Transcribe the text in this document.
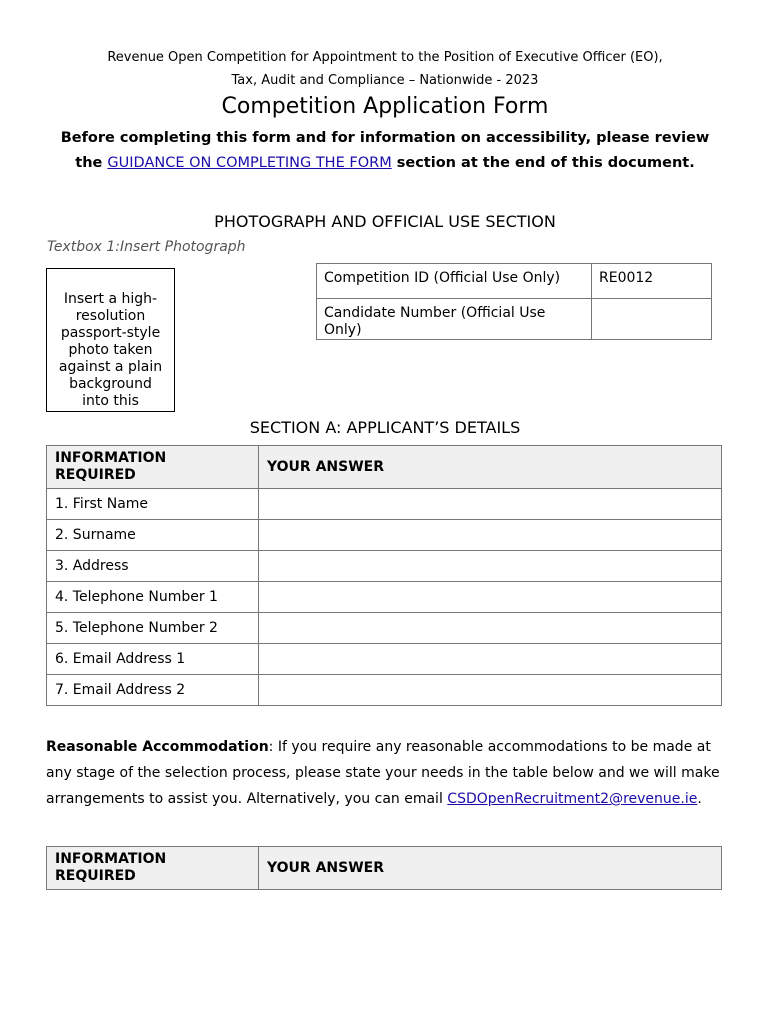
Revenue Open Competition for Appointment to the Position of Executive Officer (EO),
Tax, Audit and Compliance – Nationwide - 2023
Competition Application Form
Before completing this form and for information on accessibility, please review the GUIDANCE ON COMPLETING THE FORM section at the end of this document.
PHOTOGRAPH AND OFFICIAL USE SECTION
Textbox 1:Insert Photograph
Insert a high-resolution passport-style photo taken against a plain background into this
Competition ID (Official Use Only)	RE0012
Candidate Number (Official Use Only)	
SECTION A: APPLICANT’S DETAILS
INFORMATION REQUIRED	YOUR ANSWER
1. First Name	
2. Surname	
3. Address	
4. Telephone Number 1	
5. Telephone Number 2	
6. Email Address 1	
7. Email Address 2	
Reasonable Accommodation: If you require any reasonable accommodations to be made at any stage of the selection process, please state your needs in the table below and we will make arrangements to assist you. Alternatively, you can email CSDOpenRecruitment2@revenue.ie.
INFORMATION REQUIRED	YOUR ANSWER
